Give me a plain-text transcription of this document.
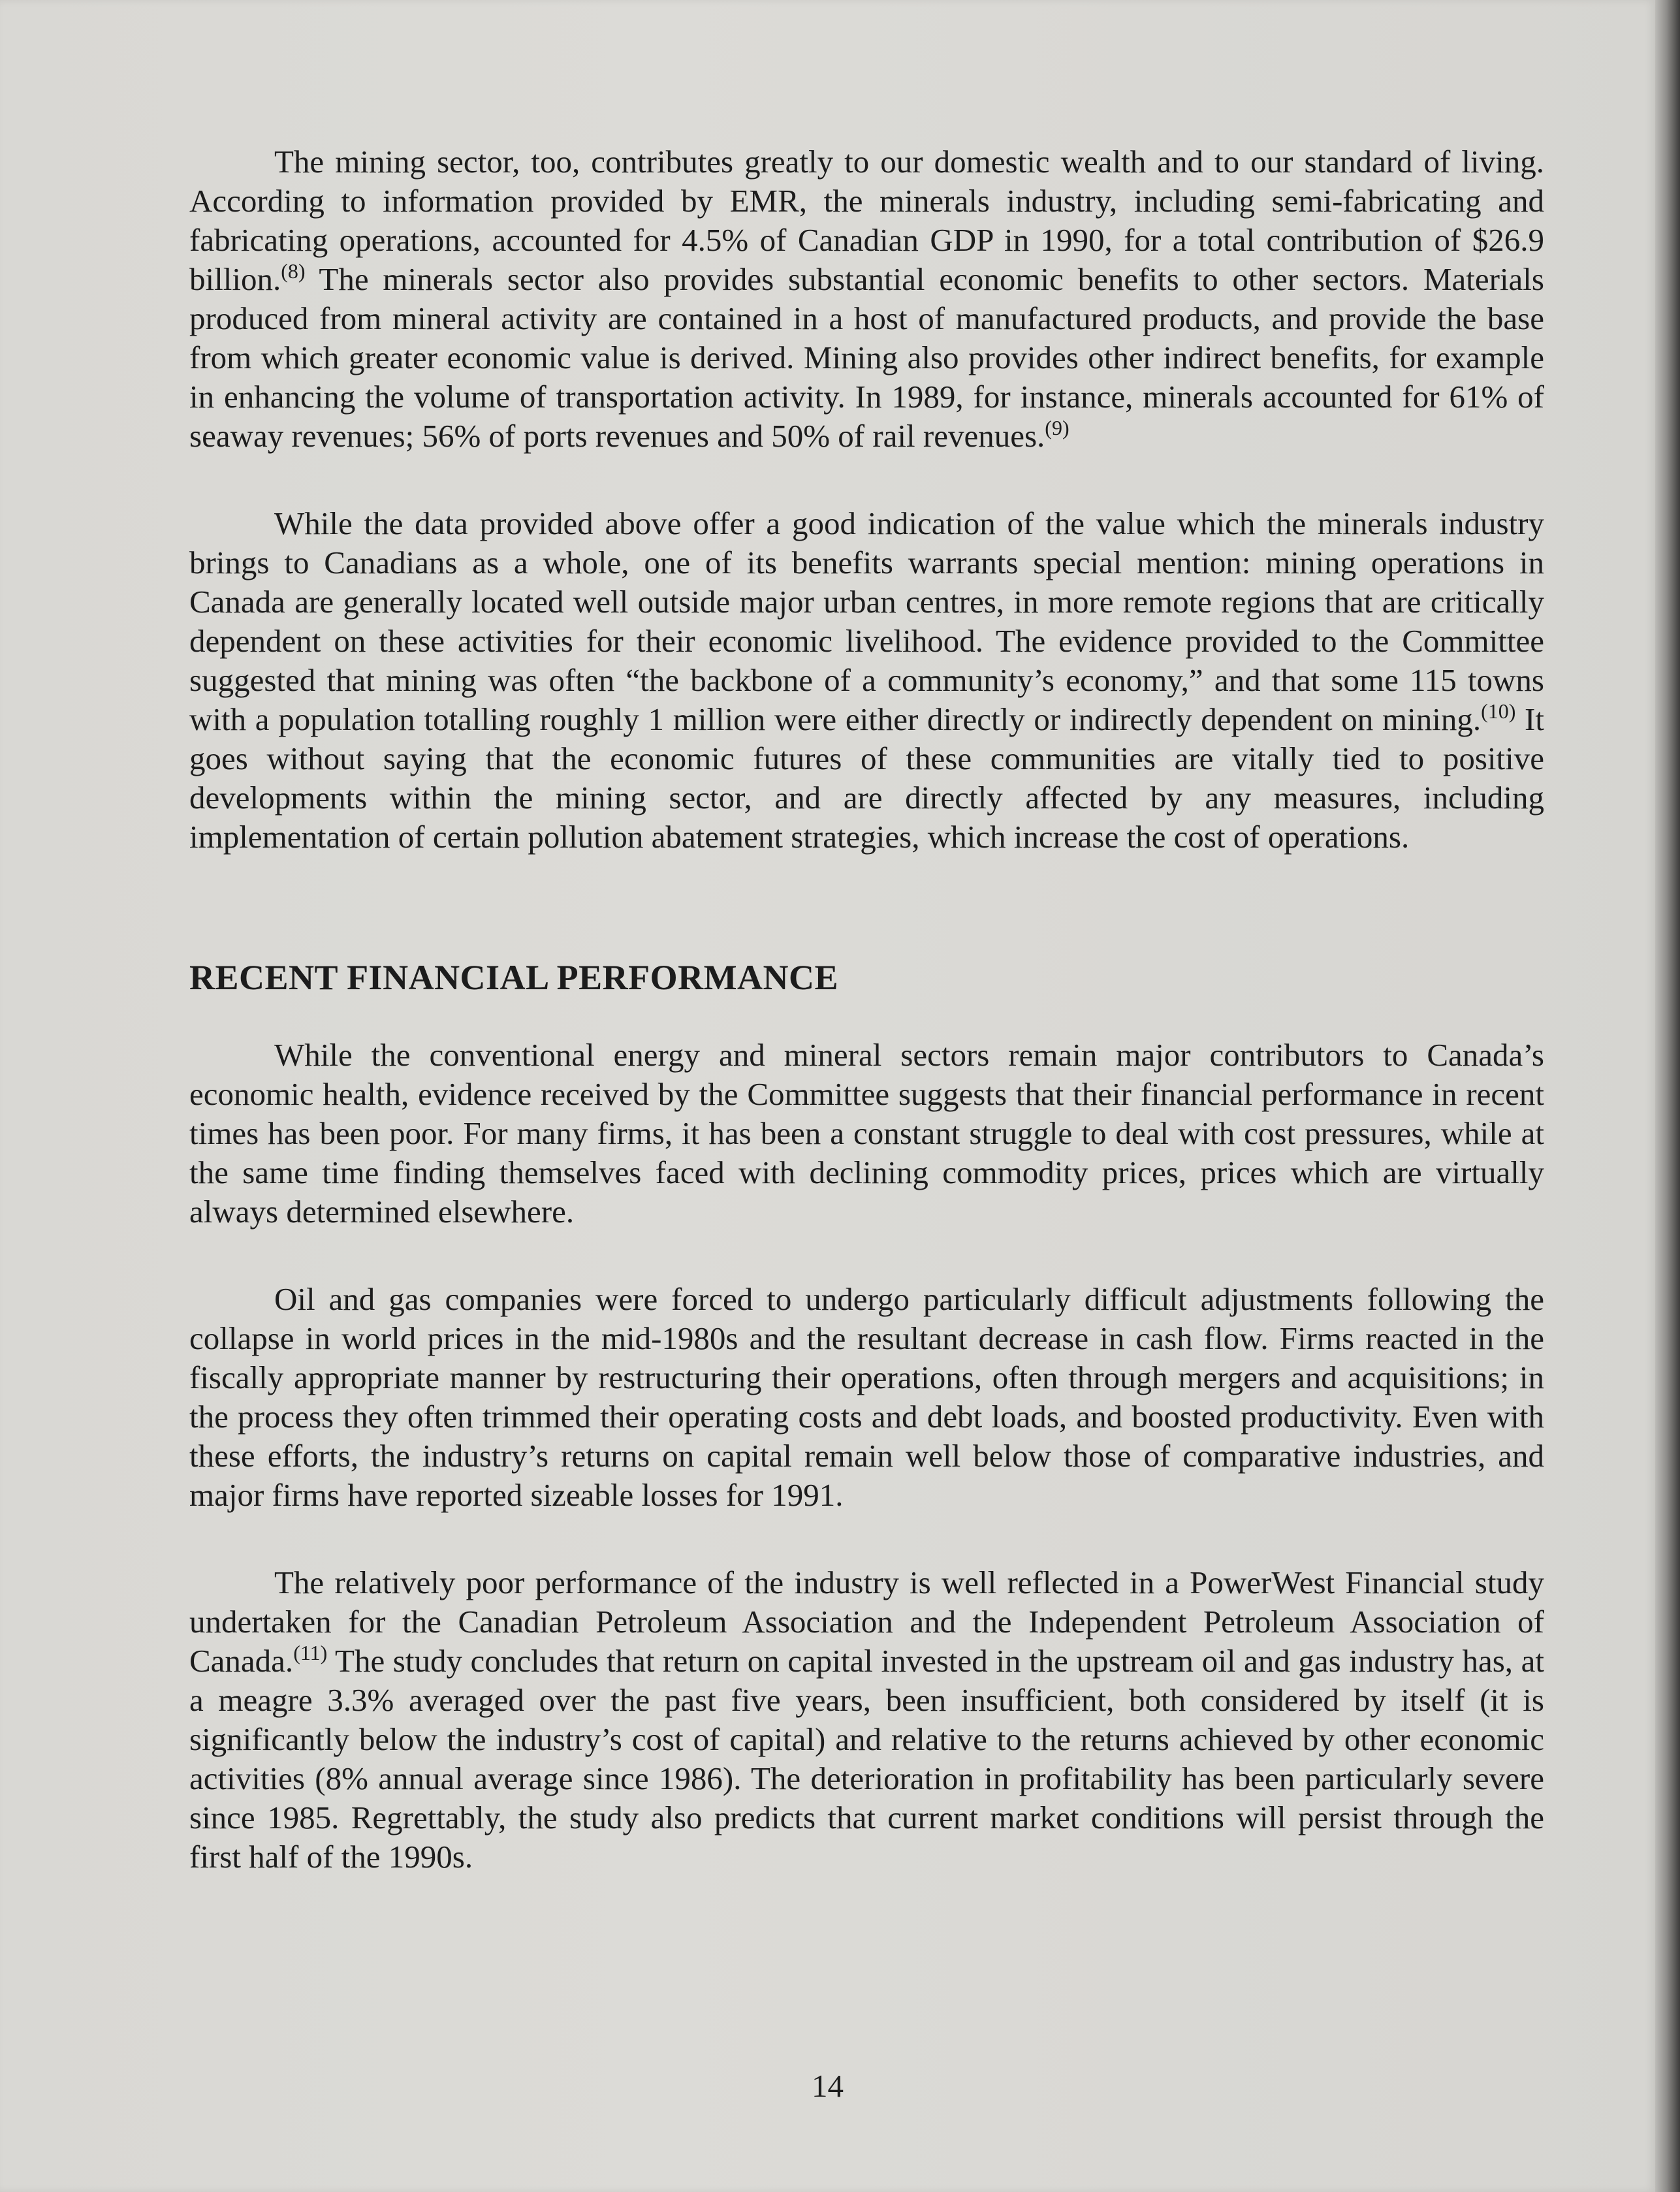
The mining sector, too, contributes greatly to our domestic wealth and to our standard of living. According to information provided by EMR, the minerals industry, including semi-fabricating and fabricating operations, accounted for 4.5% of Canadian GDP in 1990, for a total contribution of $26.9 billion.$^{(8)}$ The minerals sector also provides substantial economic benefits to other sectors. Materials produced from mineral activity are contained in a host of manufactured products, and provide the base from which greater economic value is derived. Mining also provides other indirect benefits, for example in enhancing the volume of transportation activity. In 1989, for instance, minerals accounted for 61% of seaway revenues; 56% of ports revenues and 50% of rail revenues.$^{(9)}$

While the data provided above offer a good indication of the value which the minerals industry brings to Canadians as a whole, one of its benefits warrants special mention: mining operations in Canada are generally located well outside major urban centres, in more remote regions that are critically dependent on these activities for their economic livelihood. The evidence provided to the Committee suggested that mining was often “the backbone of a community’s economy,” and that some 115 towns with a population totalling roughly 1 million were either directly or indirectly dependent on mining.$^{(10)}$ It goes without saying that the economic futures of these communities are vitally tied to positive developments within the mining sector, and are directly affected by any measures, including implementation of certain pollution abatement strategies, which increase the cost of operations.

RECENT FINANCIAL PERFORMANCE

While the conventional energy and mineral sectors remain major contributors to Canada’s economic health, evidence received by the Committee suggests that their financial performance in recent times has been poor. For many firms, it has been a constant struggle to deal with cost pressures, while at the same time finding themselves faced with declining commodity prices, prices which are virtually always determined elsewhere.

Oil and gas companies were forced to undergo particularly difficult adjustments following the collapse in world prices in the mid-1980s and the resultant decrease in cash flow. Firms reacted in the fiscally appropriate manner by restructuring their operations, often through mergers and acquisitions; in the process they often trimmed their operating costs and debt loads, and boosted productivity. Even with these efforts, the industry’s returns on capital remain well below those of comparative industries, and major firms have reported sizeable losses for 1991.

The relatively poor performance of the industry is well reflected in a PowerWest Financial study undertaken for the Canadian Petroleum Association and the Independent Petroleum Association of Canada.$^{(11)}$ The study concludes that return on capital invested in the upstream oil and gas industry has, at a meagre 3.3% averaged over the past five years, been insufficient, both considered by itself (it is significantly below the industry’s cost of capital) and relative to the returns achieved by other economic activities (8% annual average since 1986). The deterioration in profitability has been particularly severe since 1985. Regrettably, the study also predicts that current market conditions will persist through the first half of the 1990s.

14
